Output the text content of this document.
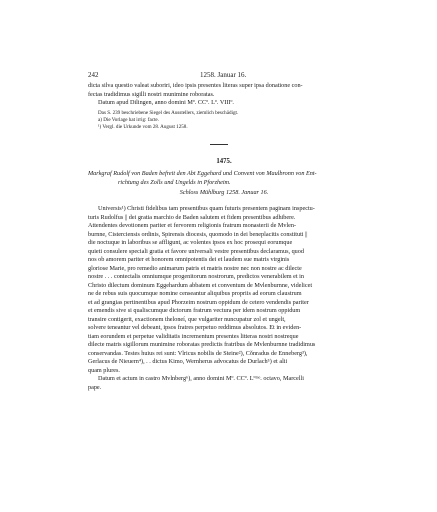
242	1258. Januar 16.
dicta silva questio valeat suboriri, ideo ipsis presentes literas super ipsa donatione con-
fectas tradidimus sigilli nostri munimine roboratas.
Datum apud Dilingen, anno domini Mº. CCº. Lº. VIIIº.
Das S. 239 beschriebene Siegel des Ausstellers, ziemlich beschädigt.
a) Die Vorlage hat irrig: facte.
¹) Vergl. die Urkunde vom 28. August 1258.
1475.
Markgraf Rudolf von Baden befreit den Abt Eggehard und Convent von Maulbronn von Ent-
richtung des Zolls und Ungelds in Pforzheim.
Schloss Mühlburg 1258. Januar 16.
Universis¹) Christi fidelibus tam presentibus quam futuris presentem paginam inspectu-
turis Rudolfus || dei gratia marchio de Baden salutem et fidem presentibus adhibere.
Attendentes devotionem pariter et fervorem religionis fratrum monasterii de Mvlen-
burnne, Cisterciensis ordinis, Spirensis diocesis, quomodo in dei beneplacitis constituti ||
die noctuque in laboribus se affligunt, ac volentes ipsos ex hoc prosequi eorumque
quieti consulere speciali gratia et favore universali vestre presentibus declaramus, quod
nos ob amorem pariter et honorem omnipotentis dei et laudem sue matris virginis
gloriose Marie, pro remedio animarum patris et matris nostre nec non nostre ac dilecte
nostre . . . contectalis omniumque progenitorum nostrorum, predictos venerabilem et in
Christo dilectum dominum Eggehardum abbatem et conventum de Mvlenburnne, videlicet
ne de rebus suis quocumque nomine censeantur aliquibus propriis ad eorum claustrum
et ad grangias pertinentibus apud Phorzeim nostrum oppidum de cetero vendendis pariter
et emendis sive si qualiscumque dictorum fratrum vectura per idem nostrum oppidum
transire contigerit, exactionem theloneí, que vulgariter nuncupatur zol et ungelt,
solvere teneantur vel debeant, ipsos fratres perpetuo reddimus absolutos. Et in eviden-
tiam eorundem et perpetue validitatis incrementum presentes litteras nostri nostreque
dilecte matris sigillorum munimine roboratas predictis fratribus de Mvlenburnne tradidimus
conservandas. Testes huius rei sunt: Vlricus nobilis de Steine²), Cŏnradus de Enneberg³),
Gerlacus de Nieuern⁴), . . dictus Kimo, Wernherus advocatus de Durlach⁵) et alii
quam plures.
Datum et actum in castro Mvlnberg⁶), anno domini Mº. CCº. Lºᵐᵒ. octavo, Marcelli
pape.
